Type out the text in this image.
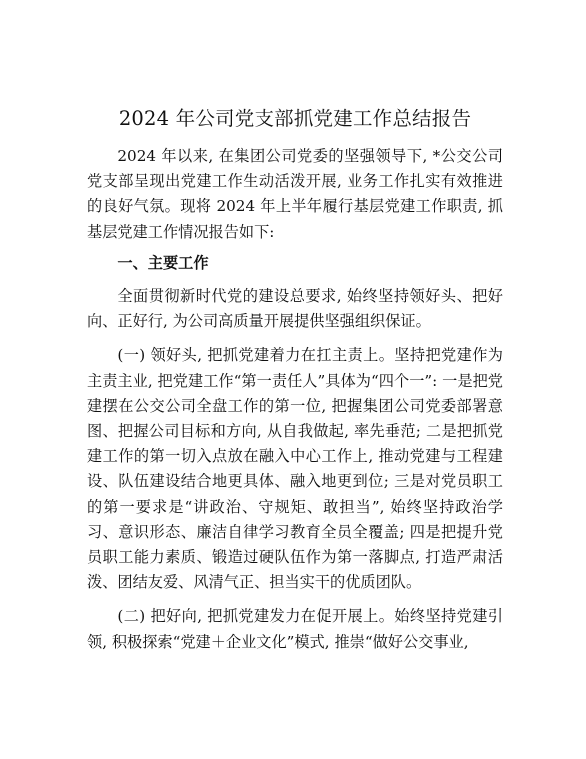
2024 年公司党支部抓党建工作总结报告

2024 年以来, 在集团公司党委的坚强领导下, *公交公司党支部呈现出党建工作生动活泼开展, 业务工作扎实有效推进的良好气氛。现将 2024 年上半年履行基层党建工作职责, 抓基层党建工作情况报告如下:

一、主要工作

全面贯彻新时代党的建设总要求, 始终坚持领好头、把好向、正好行, 为公司高质量开展提供坚强组织保证。

(一) 领好头, 把抓党建着力在扛主责上。坚持把党建作为主责主业, 把党建工作“第一责任人”具体为“四个一”: 一是把党建摆在公交公司全盘工作的第一位, 把握集团公司党委部署意图、把握公司目标和方向, 从自我做起, 率先垂范; 二是把抓党建工作的第一切入点放在融入中心工作上, 推动党建与工程建设、队伍建设结合地更具体、融入地更到位; 三是对党员职工的第一要求是“讲政治、守规矩、敢担当”, 始终坚持政治学习、意识形态、廉洁自律学习教育全员全覆盖; 四是把提升党员职工能力素质、锻造过硬队伍作为第一落脚点, 打造严肃活泼、团结友爱、风清气正、担当实干的优质团队。

(二) 把好向, 把抓党建发力在促开展上。始终坚持党建引领, 积极探索“党建＋企业文化”模式, 推崇“做好公交事业,
